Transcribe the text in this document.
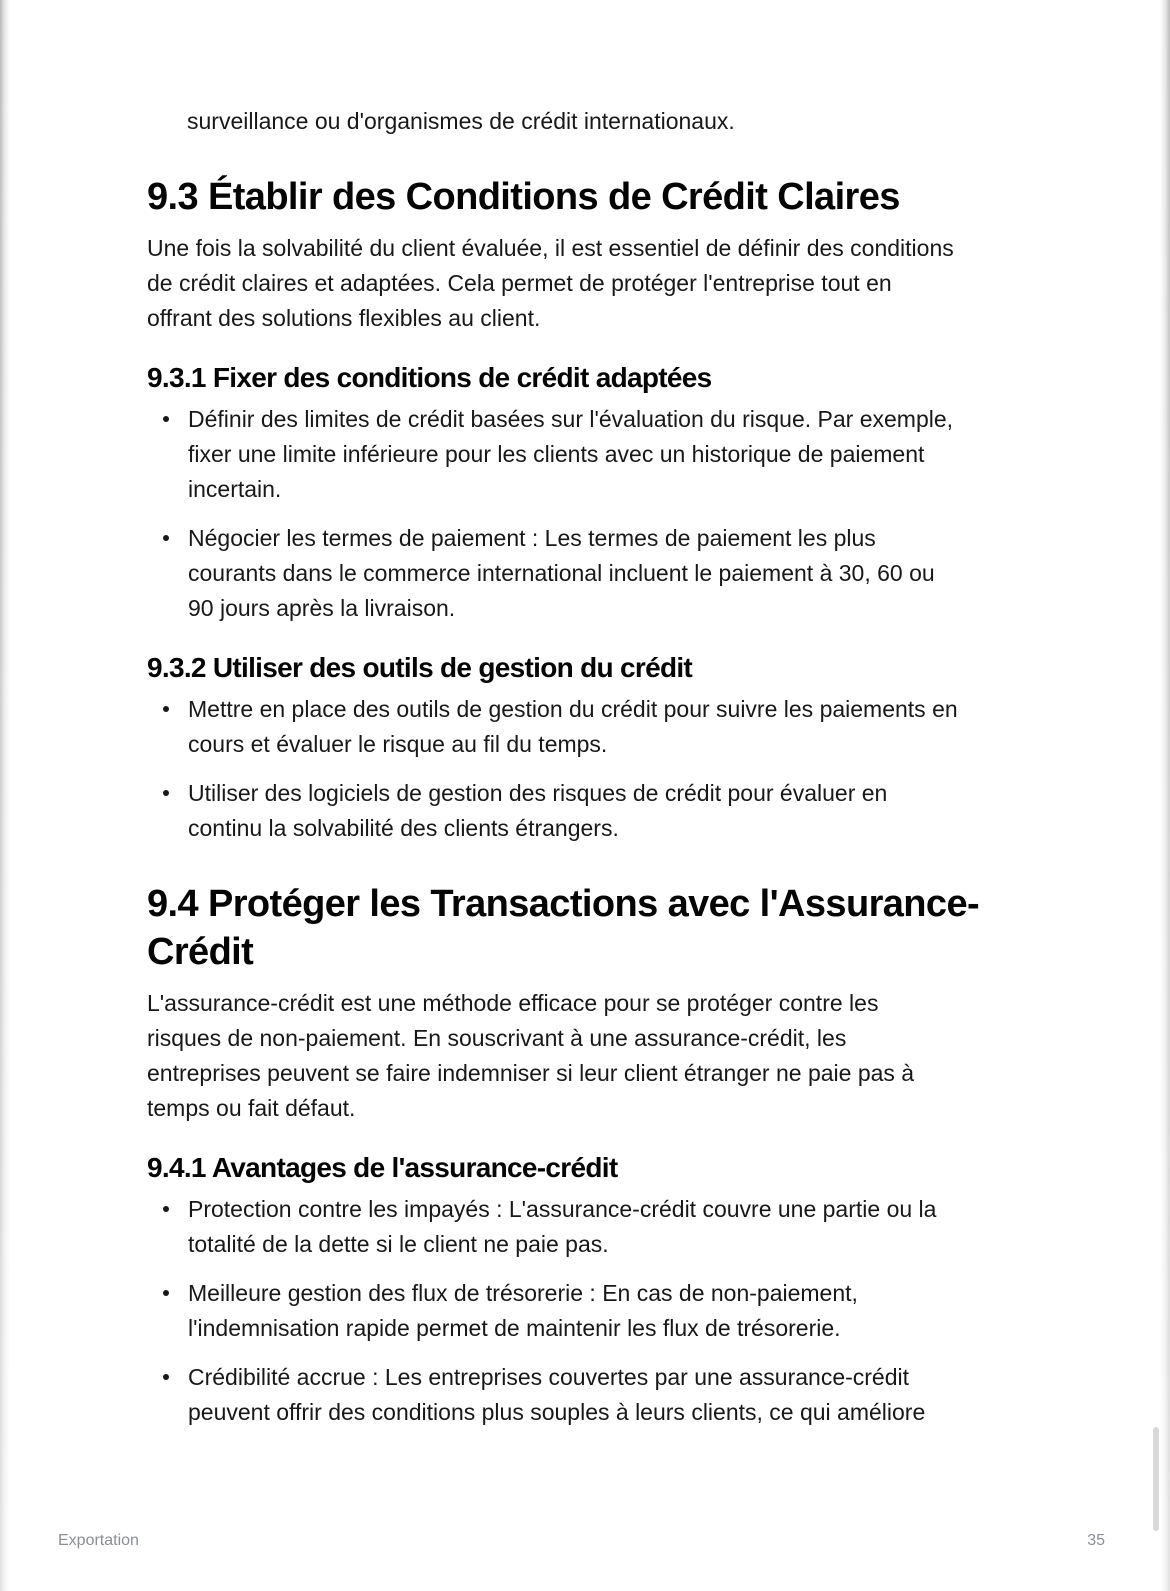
surveillance ou d'organismes de crédit internationaux.
9.3 Établir des Conditions de Crédit Claires
Une fois la solvabilité du client évaluée, il est essentiel de définir des conditions
de crédit claires et adaptées. Cela permet de protéger l'entreprise tout en
offrant des solutions flexibles au client.
9.3.1 Fixer des conditions de crédit adaptées
Définir des limites de crédit basées sur l'évaluation du risque. Par exemple,
fixer une limite inférieure pour les clients avec un historique de paiement
incertain.
Négocier les termes de paiement : Les termes de paiement les plus
courants dans le commerce international incluent le paiement à 30, 60 ou
90 jours après la livraison.
9.3.2 Utiliser des outils de gestion du crédit
Mettre en place des outils de gestion du crédit pour suivre les paiements en
cours et évaluer le risque au fil du temps.
Utiliser des logiciels de gestion des risques de crédit pour évaluer en
continu la solvabilité des clients étrangers.
9.4 Protéger les Transactions avec l'Assurance-
Crédit
L'assurance-crédit est une méthode efficace pour se protéger contre les
risques de non-paiement. En souscrivant à une assurance-crédit, les
entreprises peuvent se faire indemniser si leur client étranger ne paie pas à
temps ou fait défaut.
9.4.1 Avantages de l'assurance-crédit
Protection contre les impayés : L'assurance-crédit couvre une partie ou la
totalité de la dette si le client ne paie pas.
Meilleure gestion des flux de trésorerie : En cas de non-paiement,
l'indemnisation rapide permet de maintenir les flux de trésorerie.
Crédibilité accrue : Les entreprises couvertes par une assurance-crédit
peuvent offrir des conditions plus souples à leurs clients, ce qui améliore
Exportation	35
